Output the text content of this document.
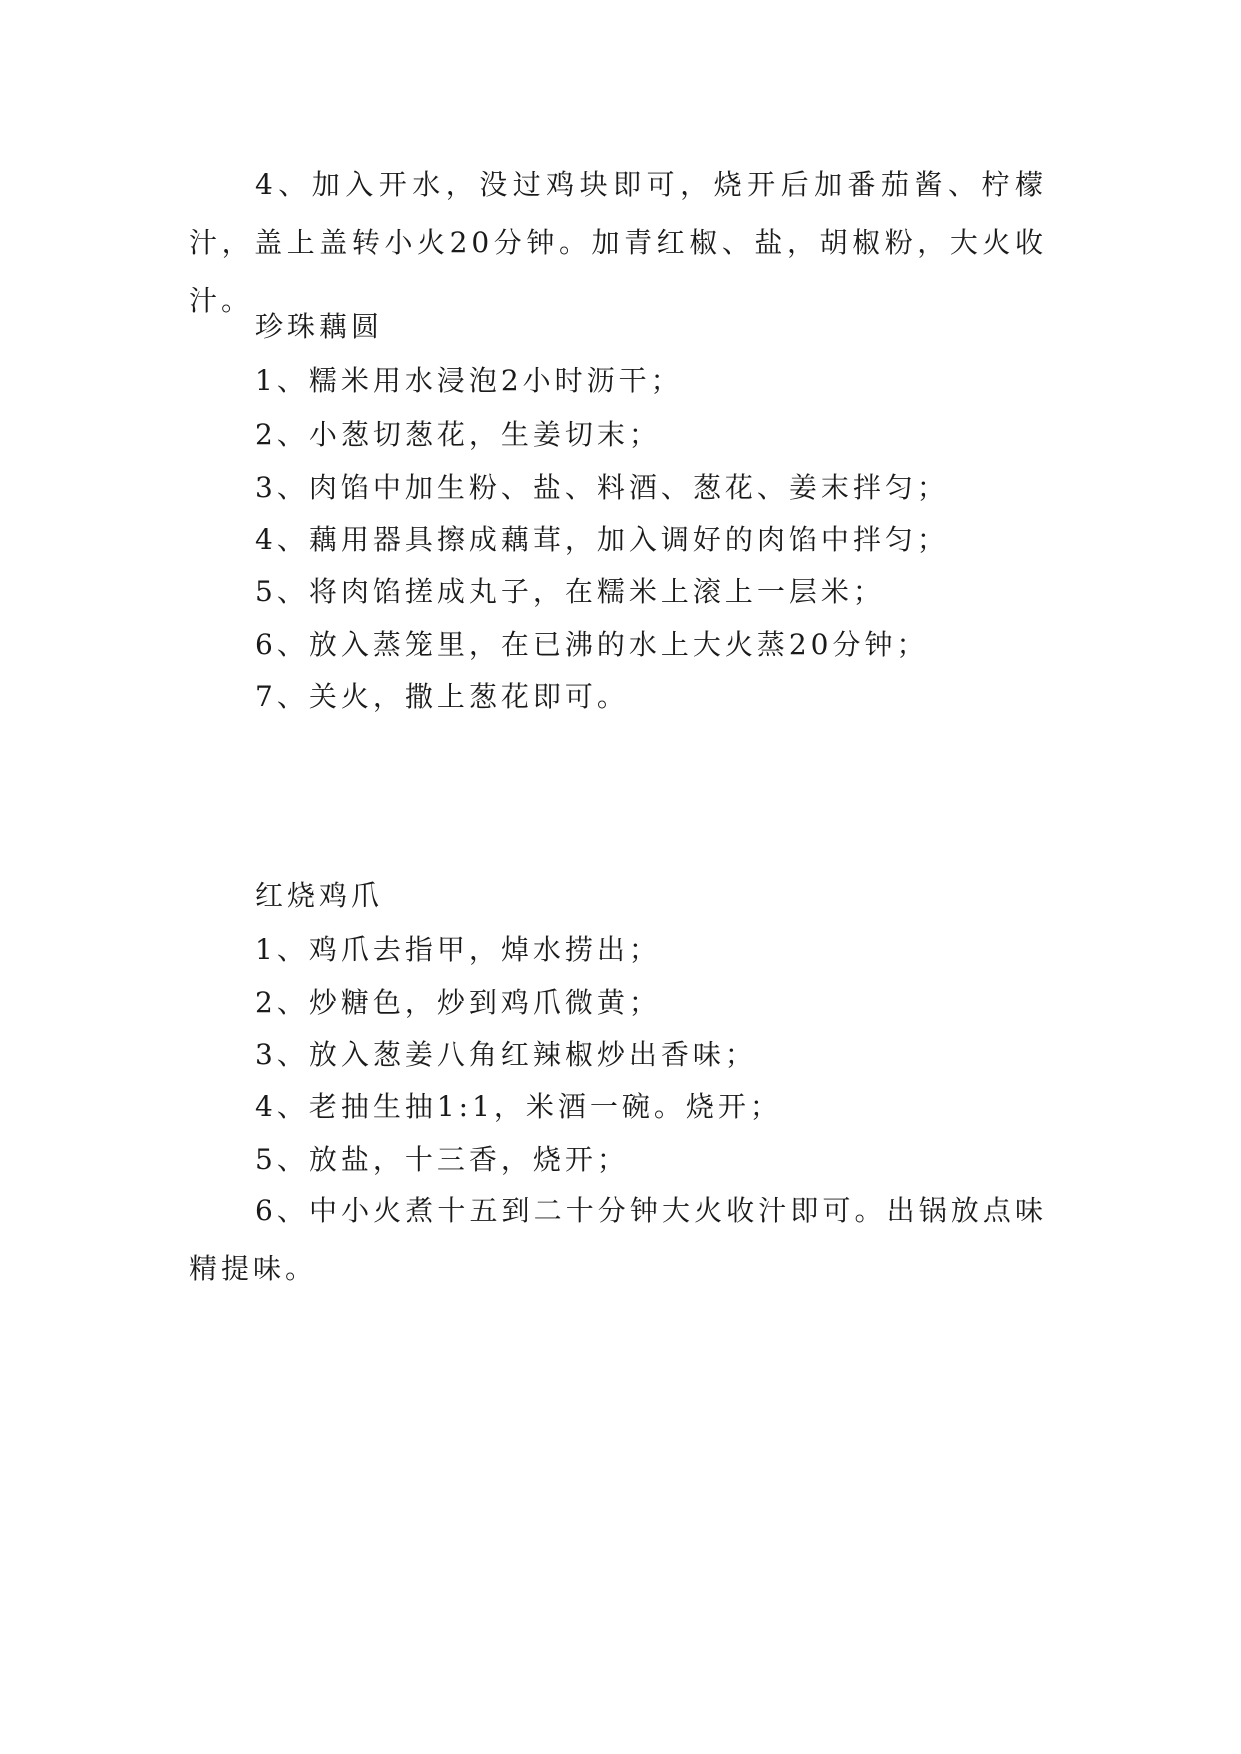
4、加入开水，没过鸡块即可，烧开后加番茄酱、柠檬汁，盖上盖转小火20分钟。加青红椒、盐，胡椒粉，大火收汁。
珍珠藕圆
1、糯米用水浸泡2小时沥干；
2、小葱切葱花，生姜切末；
3、肉馅中加生粉、盐、料酒、葱花、姜末拌匀；
4、藕用器具擦成藕茸，加入调好的肉馅中拌匀；
5、将肉馅搓成丸子，在糯米上滚上一层米；
6、放入蒸笼里，在已沸的水上大火蒸20分钟；
7、关火，撒上葱花即可。
红烧鸡爪
1、鸡爪去指甲，焯水捞出；
2、炒糖色，炒到鸡爪微黄；
3、放入葱姜八角红辣椒炒出香味；
4、老抽生抽1:1，米酒一碗。烧开；
5、放盐，十三香，烧开；
6、中小火煮十五到二十分钟大火收汁即可。出锅放点味精提味。
